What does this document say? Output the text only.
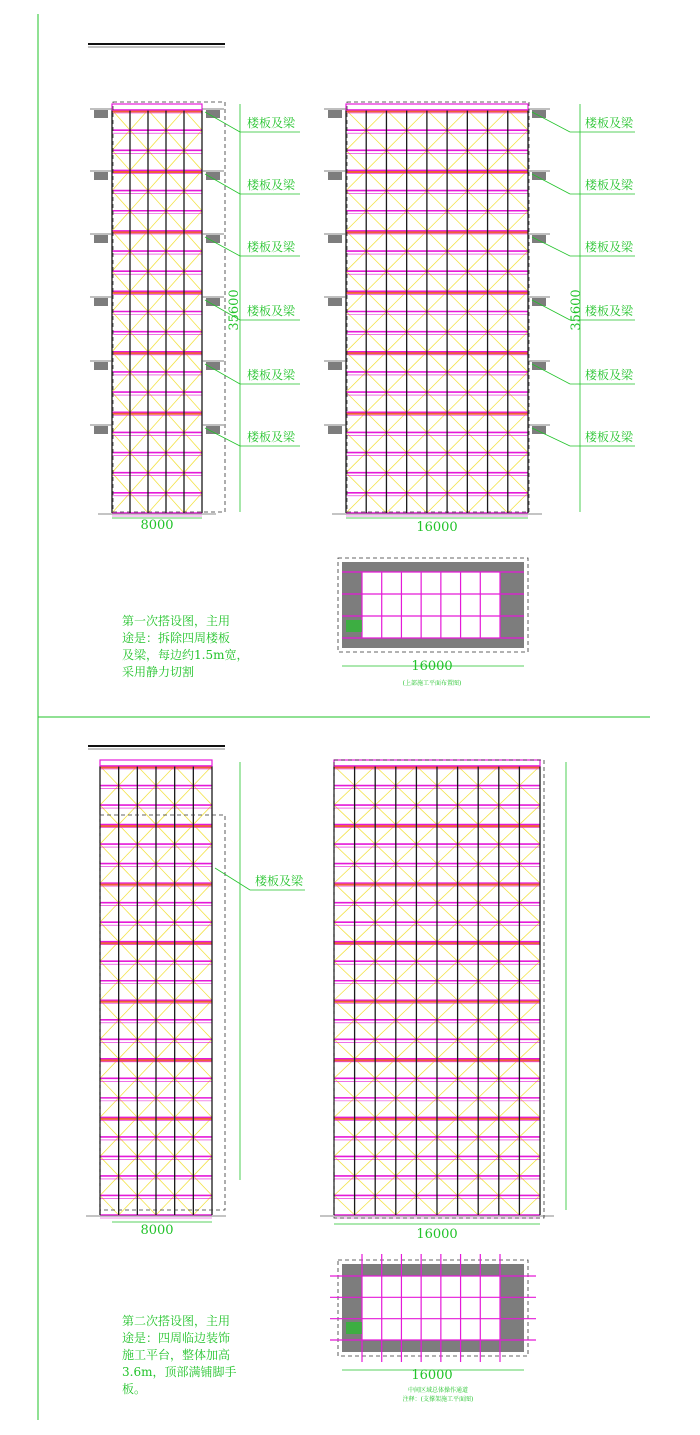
35600	35600
楼板及梁
楼板及梁
楼板及梁
楼板及梁
楼板及梁
楼板及梁
楼板及梁
楼板及梁
楼板及梁
楼板及梁
楼板及梁
楼板及梁
8000	16000
16000
(上部施工平面布置图)
8000	16000
16000
中间区域总体操作通道
注释：(支撑架施工平面图)
楼板及梁
第一次搭设图，主用
途是：拆除四周楼板
及梁，每边约1.5m宽，
采用静力切割
第二次搭设图，主用
途是：四周临边装饰
施工平台，整体加高
3.6m，顶部满铺脚手
板。
